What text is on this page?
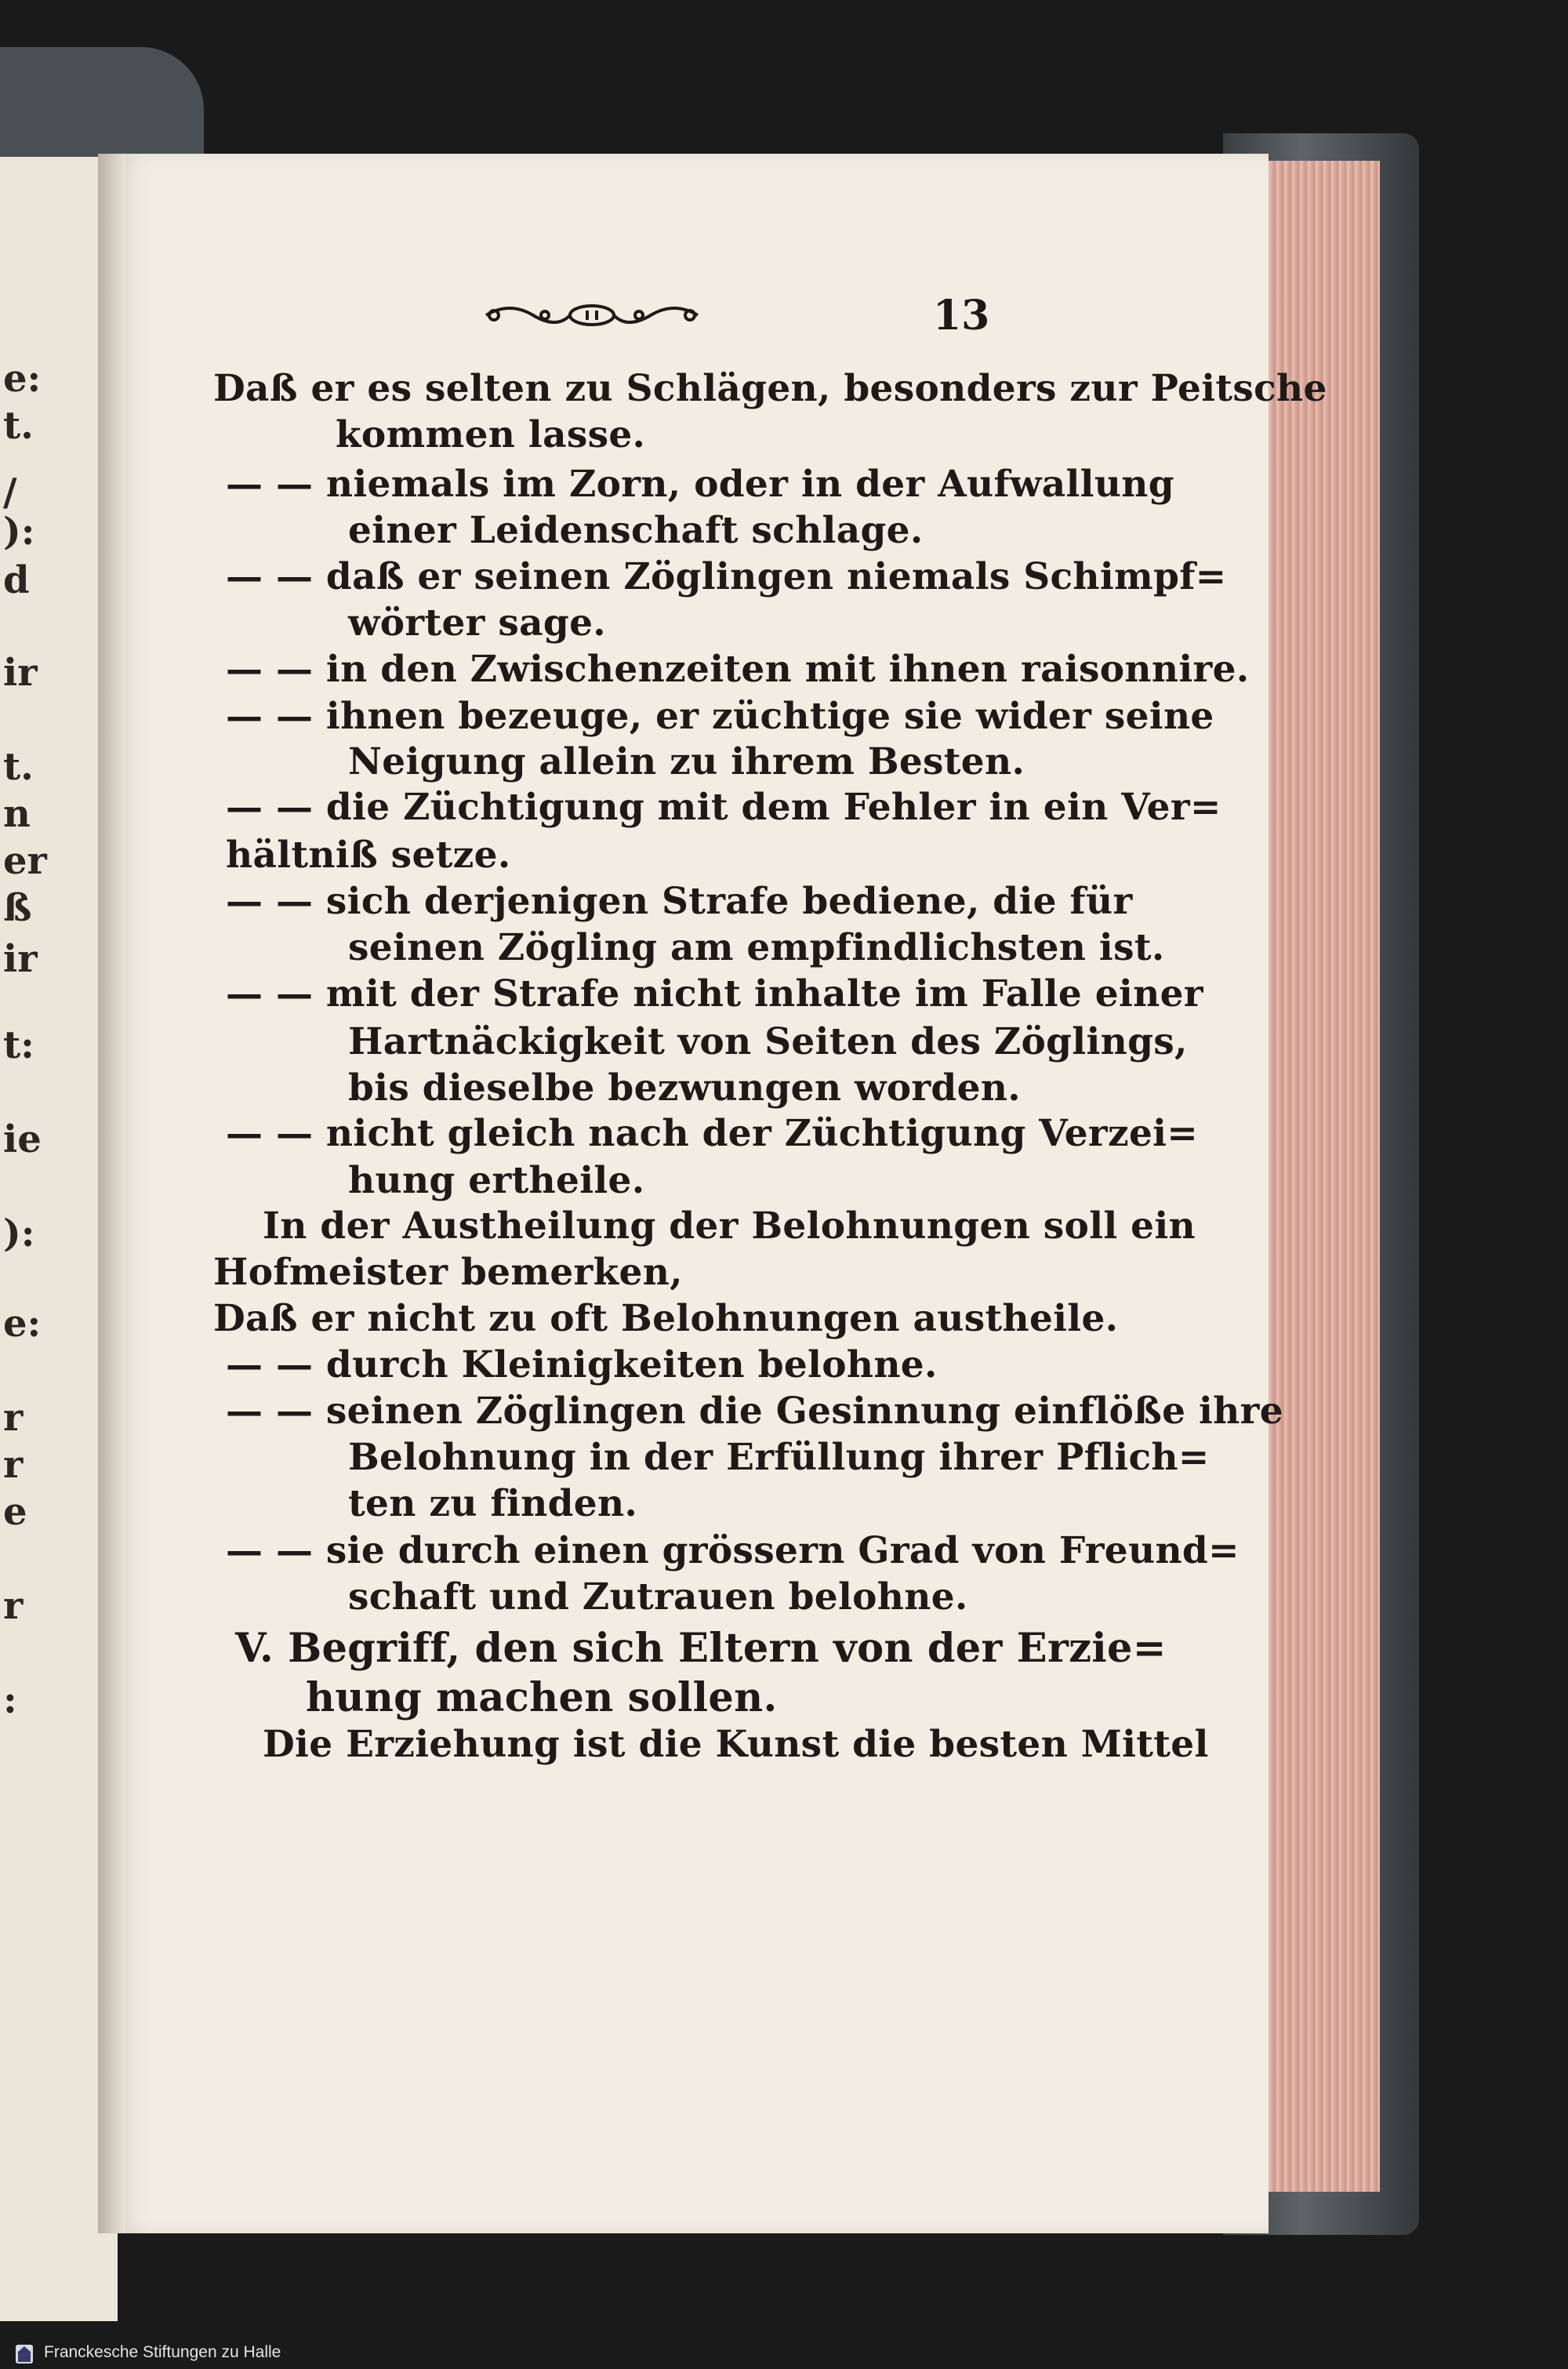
e:
t.
/
):
d
ir
t.
n
er
ß
ir
t:
ie
):
e:
r
r
e
r
:
13
Daß er es selten zu Schlägen, besonders zur Peitsche
kommen lasse.
— — niemals im Zorn, oder in der Aufwallung
einer Leidenschaft schlage.
— — daß er seinen Zöglingen niemals Schimpf=
wörter sage.
— — in den Zwischenzeiten mit ihnen raisonnire.
— — ihnen bezeuge, er züchtige sie wider seine
Neigung allein zu ihrem Besten.
— — die Züchtigung mit dem Fehler in ein Ver=
hältniß setze.
— — sich derjenigen Strafe bediene, die für
seinen Zögling am empfindlichsten ist.
— — mit der Strafe nicht inhalte im Falle einer
Hartnäckigkeit von Seiten des Zöglings,
bis dieselbe bezwungen worden.
— — nicht gleich nach der Züchtigung Verzei=
hung ertheile.
In der Austheilung der Belohnungen soll ein
Hofmeister bemerken,
Daß er nicht zu oft Belohnungen austheile.
— — durch Kleinigkeiten belohne.
— — seinen Zöglingen die Gesinnung einflöße ihre
Belohnung in der Erfüllung ihrer Pflich=
ten zu finden.
— — sie durch einen grössern Grad von Freund=
schaft und Zutrauen belohne.
V. Begriff, den sich Eltern von der Erzie=
hung machen sollen.
Die Erziehung ist die Kunst die besten Mittel
Franckesche Stiftungen zu Halle
